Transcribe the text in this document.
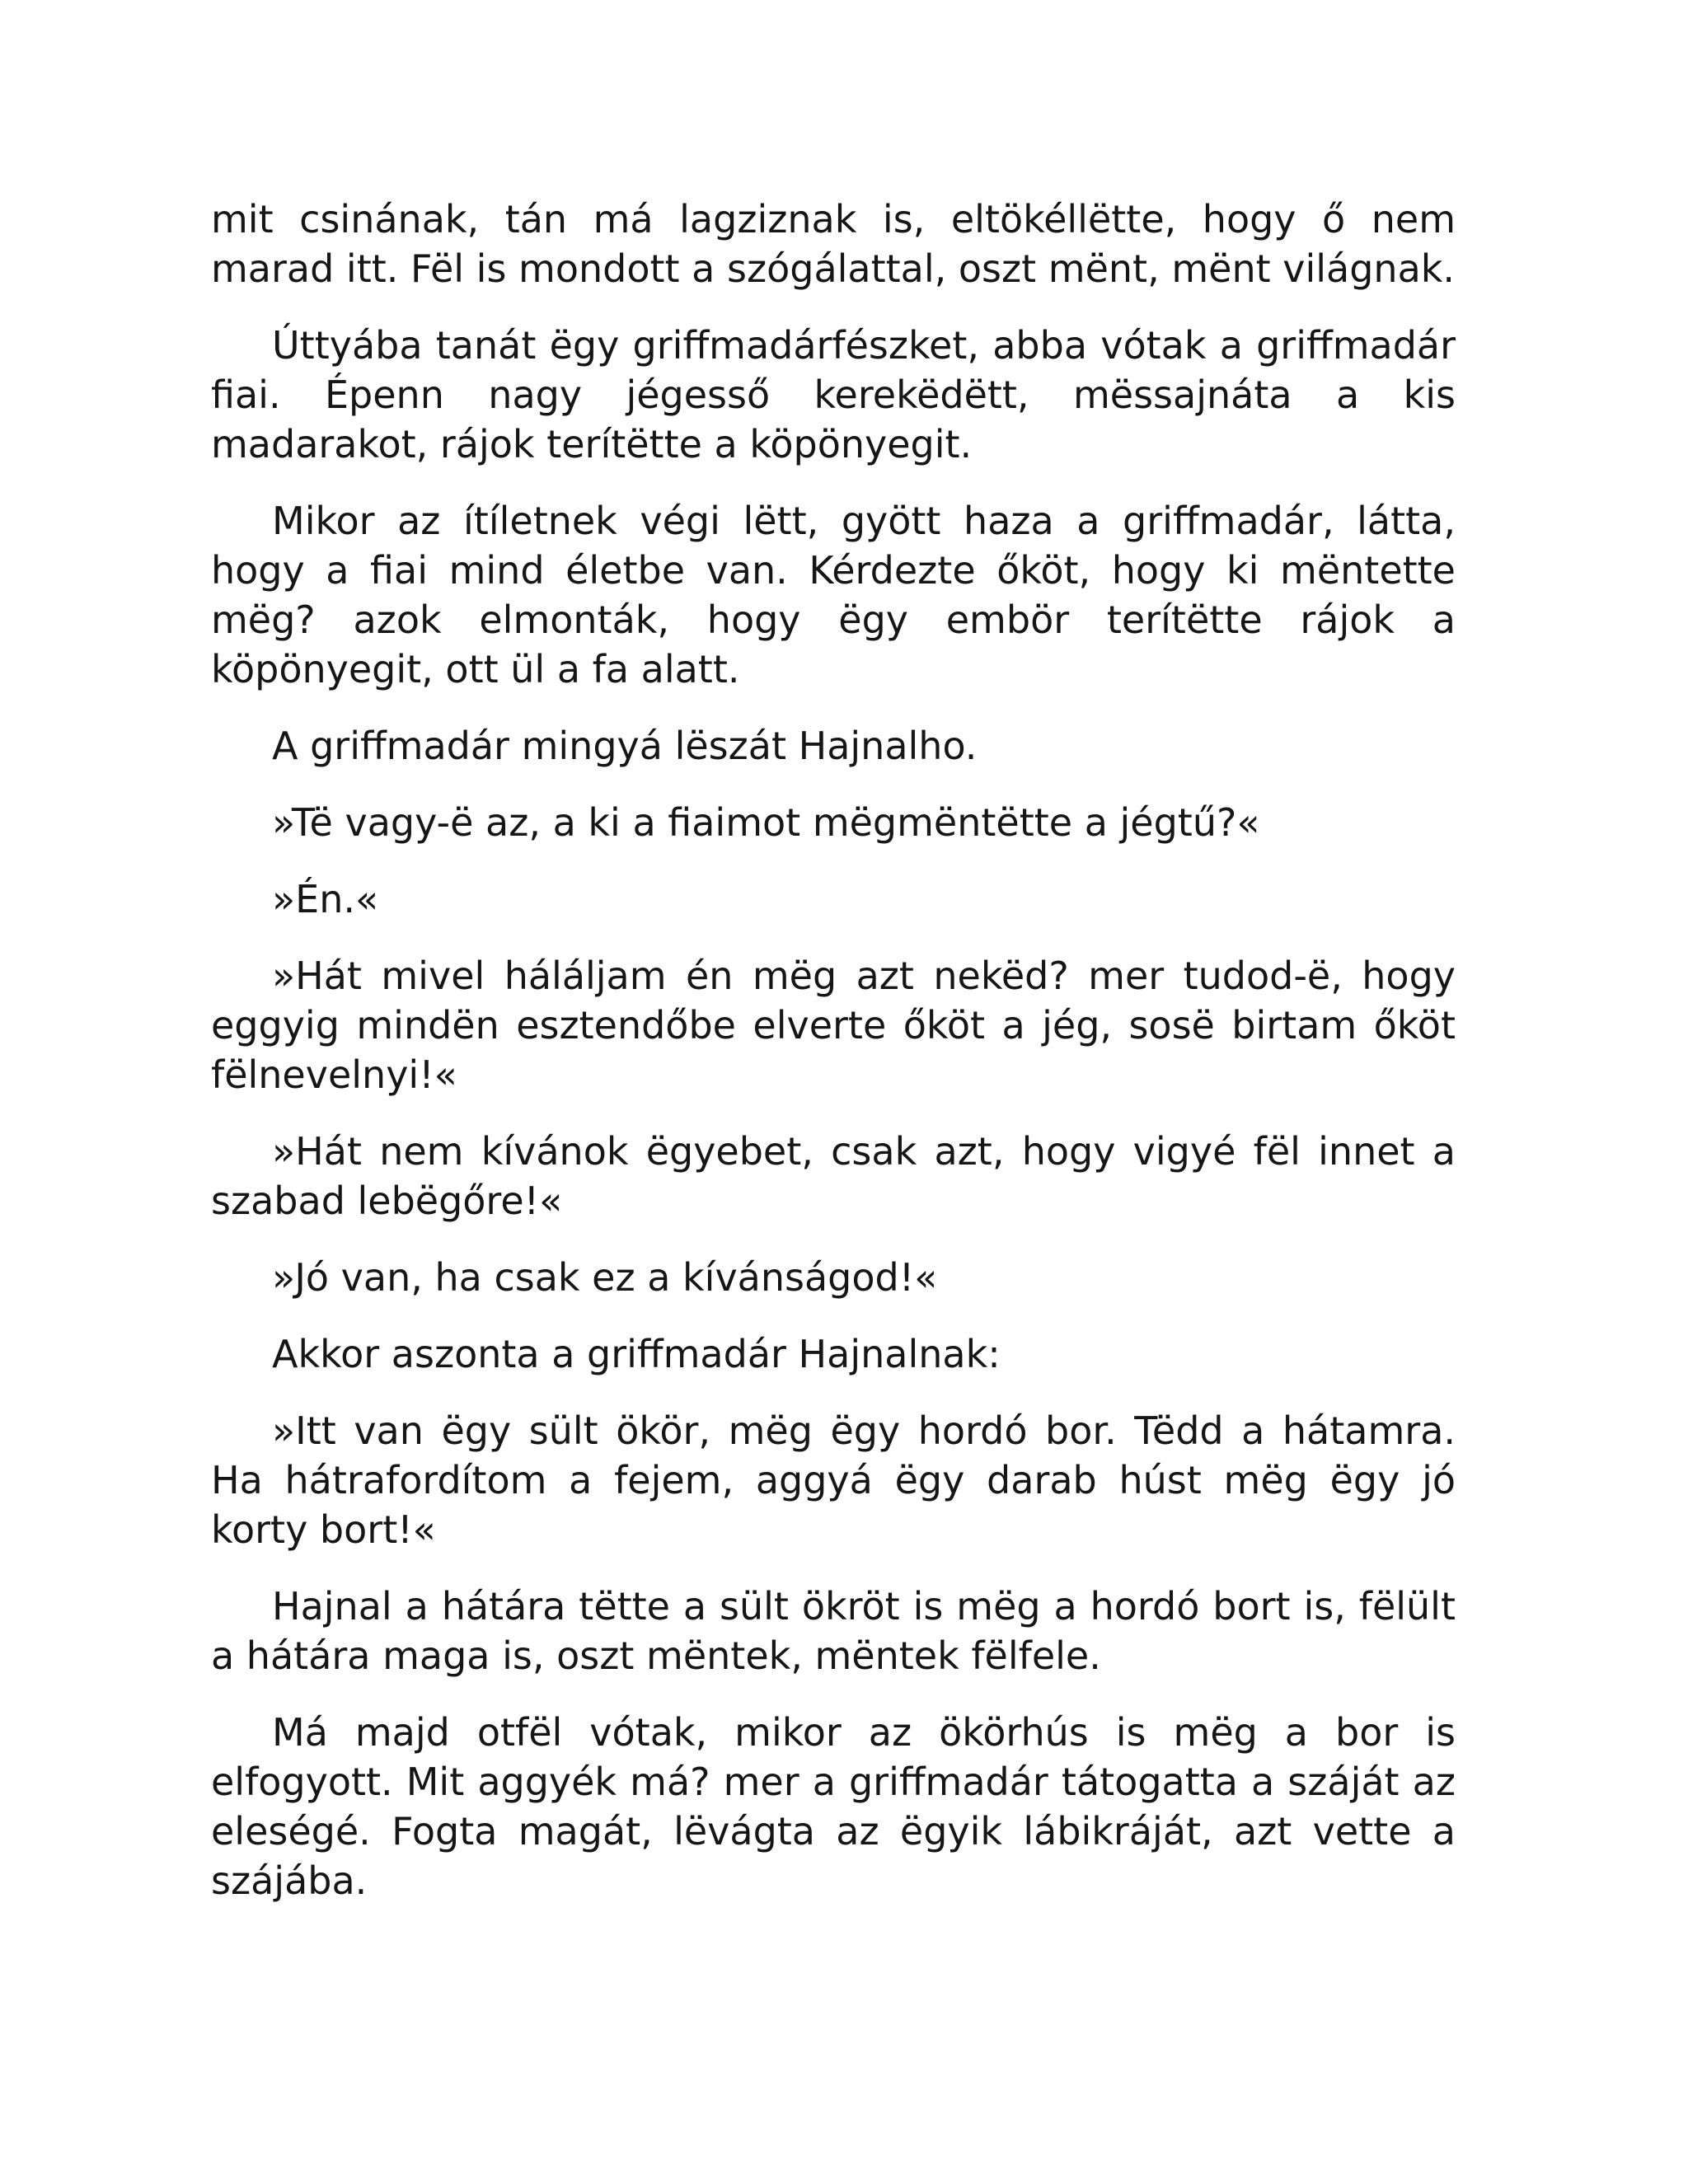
mit csinának, tán má lagziznak is, eltökéllëtte, hogy ő nem marad itt. Fël is mondott a szógálattal, oszt mënt, mënt világnak.

Úttyába tanát ëgy griffmadárfészket, abba vótak a griffmadár fiai. Épenn nagy jégesső kerekëdëtt, mëssajnáta a kis madarakot, rájok terítëtte a köpönyegit.

Mikor az ítíletnek végi lëtt, gyött haza a griffmadár, látta, hogy a fiai mind életbe van. Kérdezte őköt, hogy ki mëntette mëg? azok elmonták, hogy ëgy embör terítëtte rájok a köpönyegit, ott ül a fa alatt.

A griffmadár mingyá lëszát Hajnalho.

»Të vagy-ë az, a ki a fiaimot mëgmëntëtte a jégtű?«

»Én.«

»Hát mivel háláljam én mëg azt nekëd? mer tudod-ë, hogy eggyig mindën esztendőbe elverte őköt a jég, sosë birtam őköt fëlnevelnyi!«

»Hát nem kívánok ëgyebet, csak azt, hogy vigyé fël innet a szabad lebëgőre!«

»Jó van, ha csak ez a kívánságod!«

Akkor aszonta a griffmadár Hajnalnak:

»Itt van ëgy sült ökör, mëg ëgy hordó bor. Tëdd a hátamra. Ha hátrafordítom a fejem, aggyá ëgy darab húst mëg ëgy jó korty bort!«

Hajnal a hátára tëtte a sült ökröt is mëg a hordó bort is, fëlült a hátára maga is, oszt mëntek, mëntek fëlfele.

Má majd otfël vótak, mikor az ökörhús is mëg a bor is elfogyott. Mit aggyék má? mer a griffmadár tátogatta a száját az eleségé. Fogta magát, lëvágta az ëgyik lábikráját, azt vette a szájába.
